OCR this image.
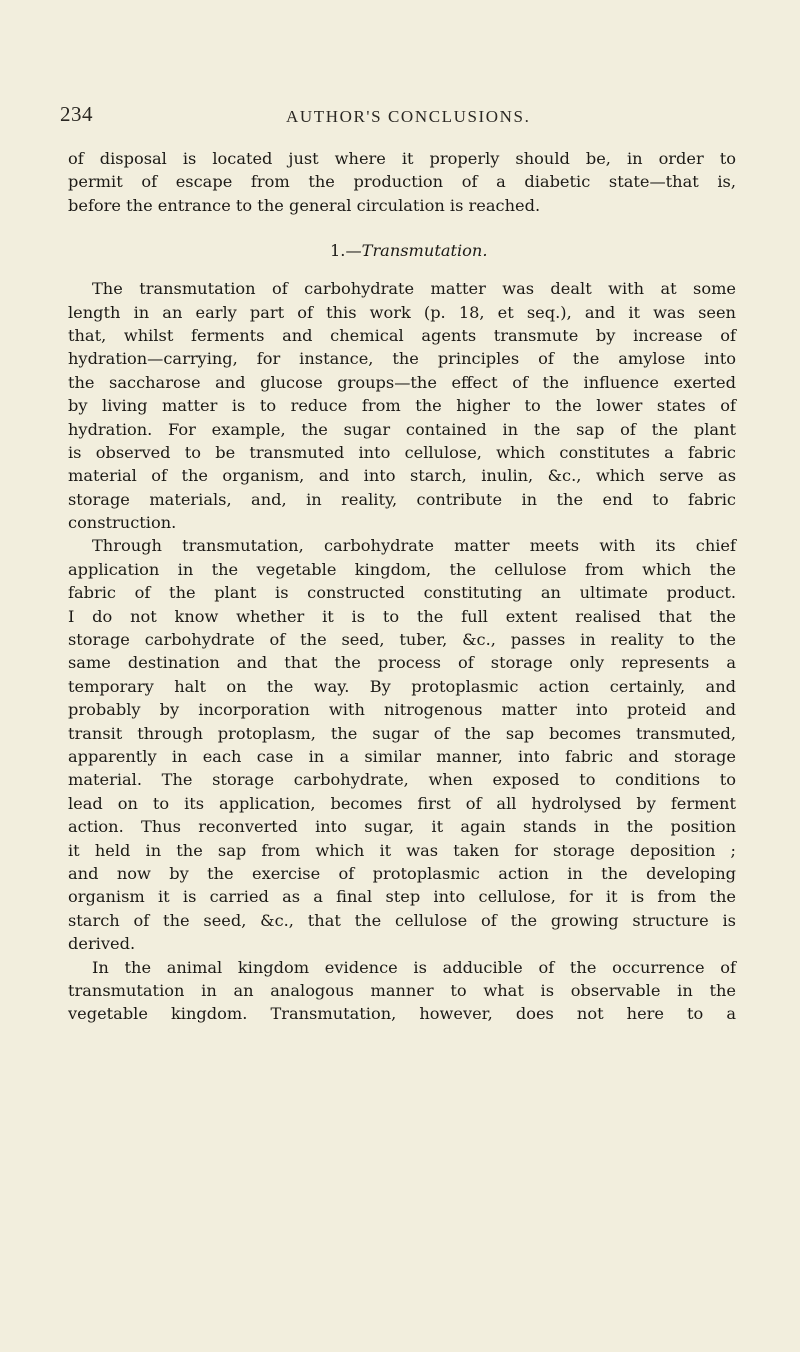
234	AUTHOR'S CONCLUSIONS.
of disposal is located just where it properly should be, in order to
permit of escape from the production of a diabetic state—that is,
before the entrance to the general circulation is reached.
1.—Transmutation.
The transmutation of carbohydrate matter was dealt with at some
length in an early part of this work (p. 18, et seq.), and it was seen
that, whilst ferments and chemical agents transmute by increase of
hydration—carrying, for instance, the principles of the amylose into
the saccharose and glucose groups—the effect of the influence exerted
by living matter is to reduce from the higher to the lower states of
hydration. For example, the sugar contained in the sap of the plant
is observed to be transmuted into cellulose, which constitutes a fabric
material of the organism, and into starch, inulin, &c., which serve as
storage materials, and, in reality, contribute in the end to fabric
construction.
Through transmutation, carbohydrate matter meets with its chief
application in the vegetable kingdom, the cellulose from which the
fabric of the plant is constructed constituting an ultimate product.
I do not know whether it is to the full extent realised that the
storage carbohydrate of the seed, tuber, &c., passes in reality to the
same destination and that the process of storage only represents a
temporary halt on the way. By protoplasmic action certainly, and
probably by incorporation with nitrogenous matter into proteid and
transit through protoplasm, the sugar of the sap becomes transmuted,
apparently in each case in a similar manner, into fabric and storage
material. The storage carbohydrate, when exposed to conditions to
lead on to its application, becomes first of all hydrolysed by ferment
action. Thus reconverted into sugar, it again stands in the position
it held in the sap from which it was taken for storage deposition ;
and now by the exercise of protoplasmic action in the developing
organism it is carried as a final step into cellulose, for it is from the
starch of the seed, &c., that the cellulose of the growing structure is
derived.
In the animal kingdom evidence is adducible of the occurrence of
transmutation in an analogous manner to what is observable in the
vegetable kingdom. Transmutation, however, does not here to a
